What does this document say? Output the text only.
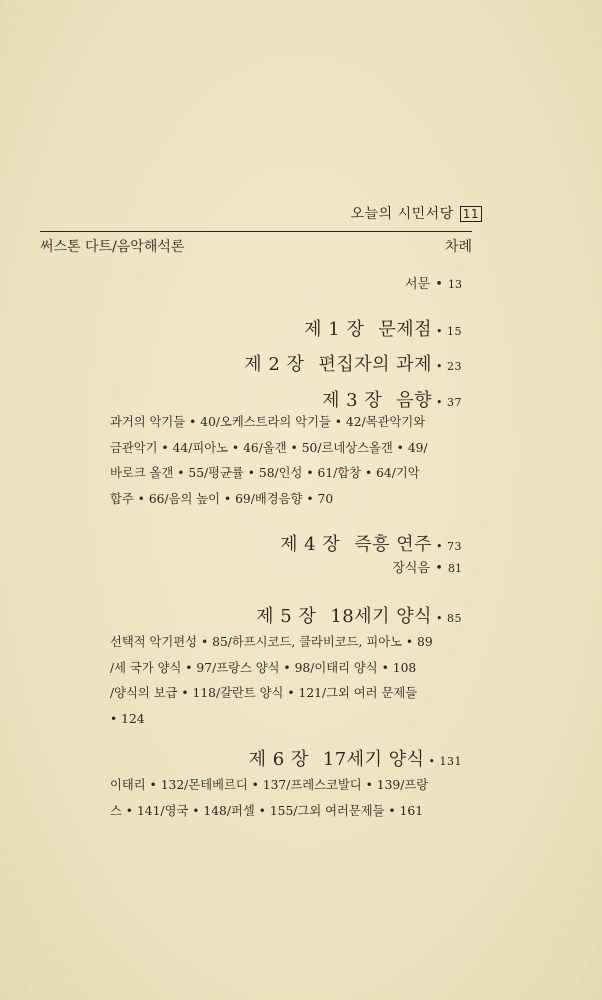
오늘의 시민서당 11
써스톤 다트/음악해석론	차례
서문 • 13
제 1 장 문제점 • 15
제 2 장 편집자의 과제 • 23
제 3 장 음향 • 37
과거의 악기들 • 40/오케스트라의 악기들 • 42/목관악기와
금관악기 • 44/피아노 • 46/올갠 • 50/르네상스올갠 • 49/
바로크 올갠 • 55/평균률 • 58/인성 • 61/합창 • 64/기악
합주 • 66/음의 높이 • 69/배경음향 • 70
제 4 장 즉흥 연주 • 73
장식음 • 81
제 5 장 18세기 양식 • 85
선택적 악기편성 • 85/하프시코드, 클라비코드, 피아노 • 89
/세 국가 양식 • 97/프랑스 양식 • 98/이태리 양식 • 108
/양식의 보급 • 118/갈란트 양식 • 121/그외 여러 문제들
• 124
제 6 장 17세기 양식 • 131
이태리 • 132/몬테베르디 • 137/프레스코발디 • 139/프랑
스 • 141/영국 • 148/퍼셀 • 155/그외 여러문제들 • 161
